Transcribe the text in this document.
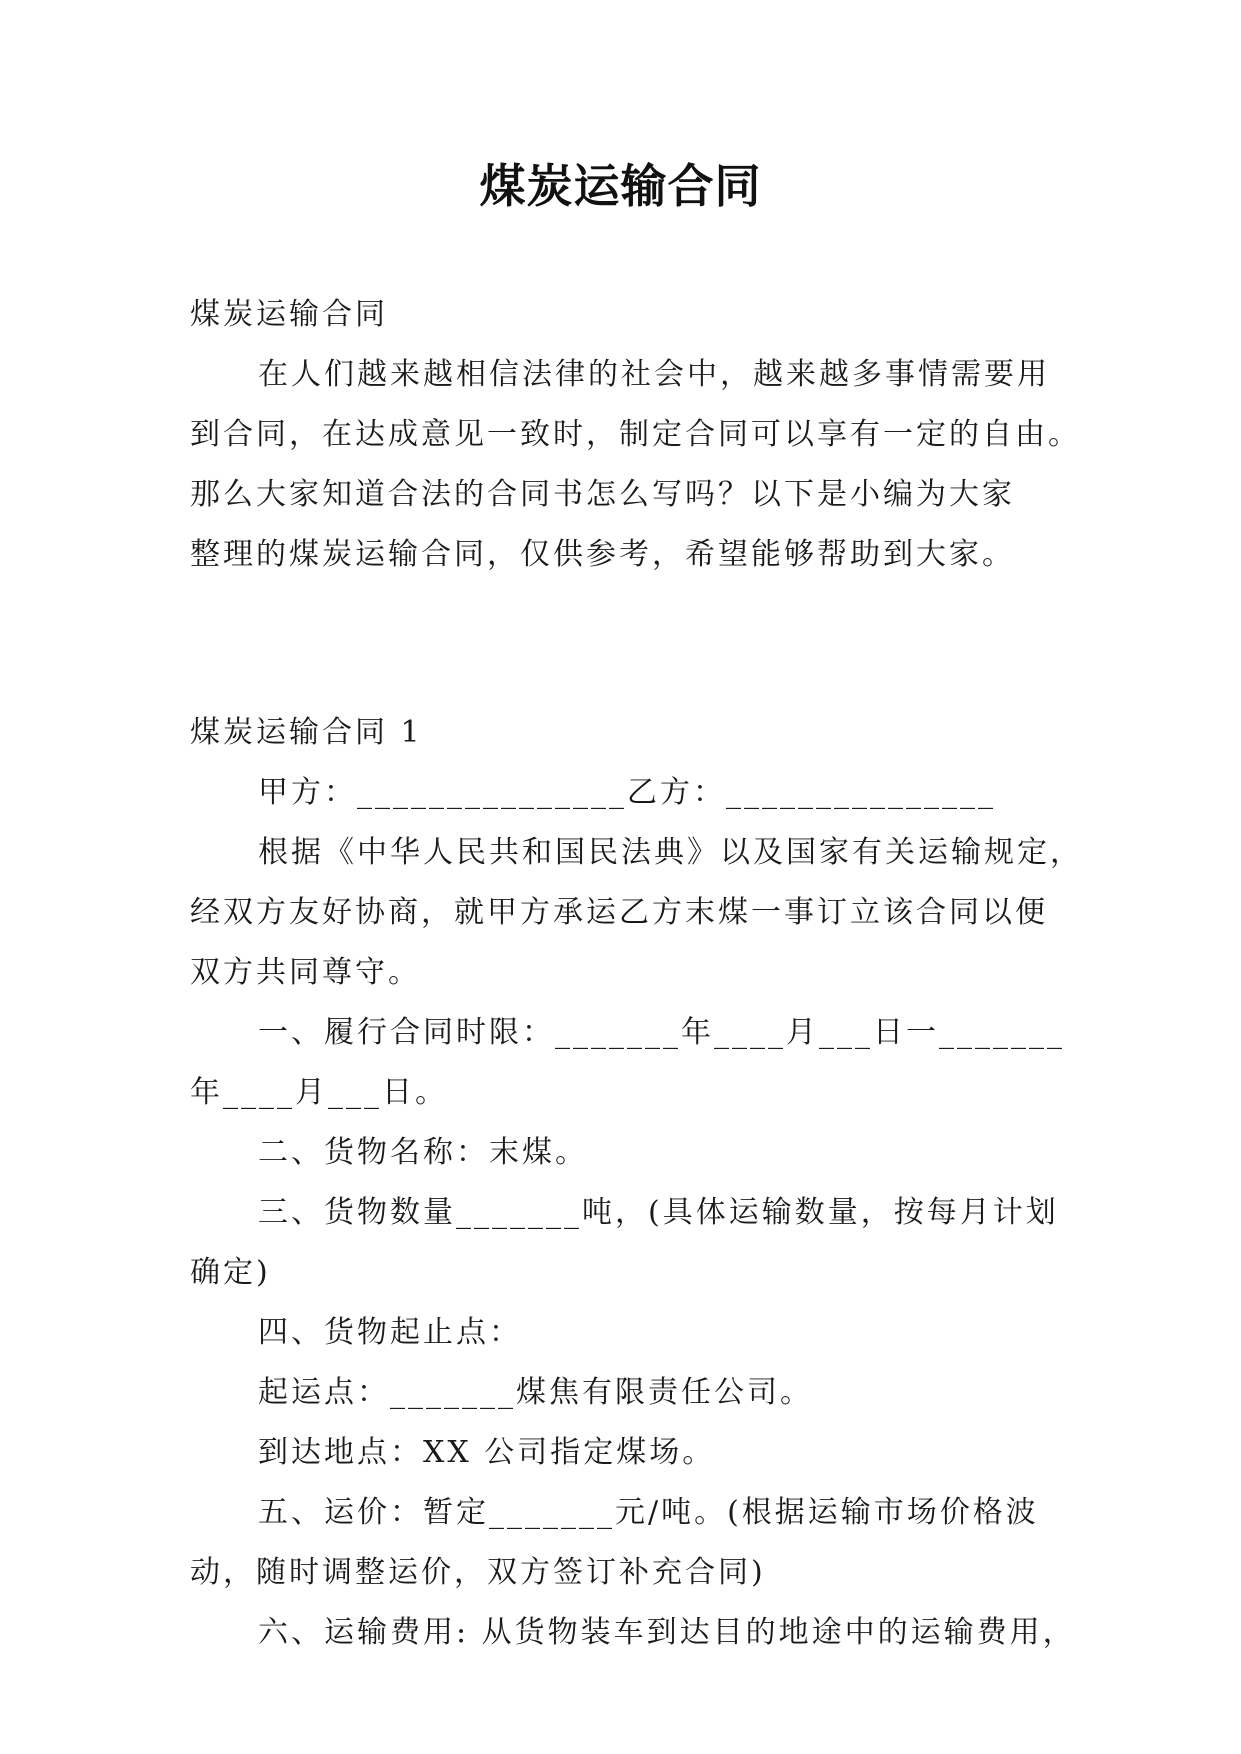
煤炭运输合同
煤炭运输合同
在人们越来越相信法律的社会中，越来越多事情需要用
到合同，在达成意见一致时，制定合同可以享有一定的自由。
那么大家知道合法的合同书怎么写吗？以下是小编为大家
整理的煤炭运输合同，仅供参考，希望能够帮助到大家。
煤炭运输合同 1
甲方：_______________乙方：_______________
根据《中华人民共和国民法典》以及国家有关运输规定，
经双方友好协商，就甲方承运乙方末煤一事订立该合同以便
双方共同尊守。
一、履行合同时限：_______年____月___日一_______
年____月___日。
二、货物名称：末煤。
三、货物数量_______吨，(具体运输数量，按每月计划
确定)
四、货物起止点：
起运点：_______煤焦有限责任公司。
到达地点：XX 公司指定煤场。
五、运价：暂定_______元/吨。(根据运输市场价格波
动，随时调整运价，双方签订补充合同)
六、运输费用: 从货物装车到达目的地途中的运输费用，
